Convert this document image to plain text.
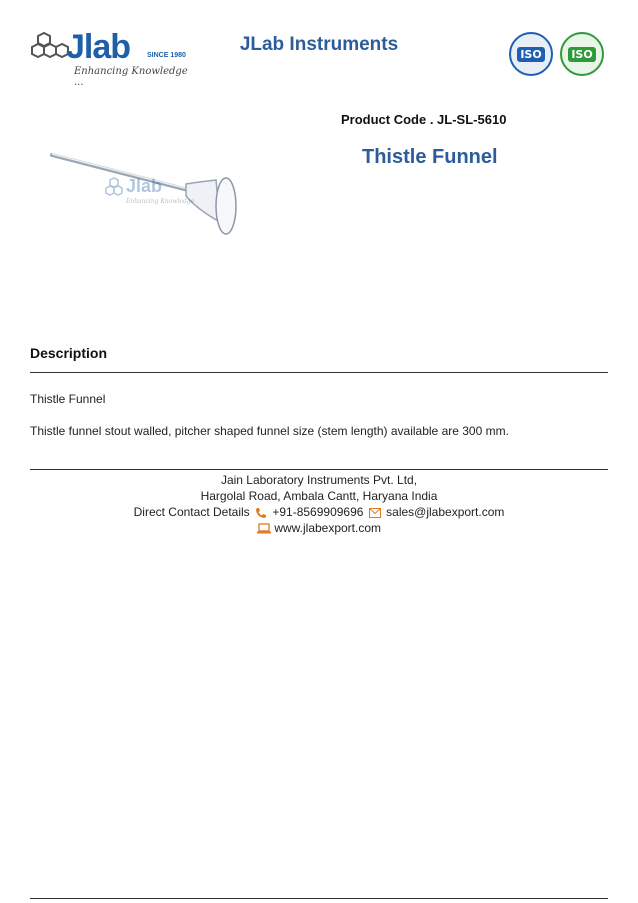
Jlab SINCE 1980
Enhancing Knowledge ...
JLab Instruments	ISO	ISO
Jlab
Enhancing Knowledge
Product Code . JL-SL-5610
Thistle Funnel
Description
Thistle Funnel
Thistle funnel stout walled, pitcher shaped funnel size (stem length) available are 300 mm.
Jain Laboratory Instruments Pvt. Ltd,
Hargolal Road, Ambala Cantt, Haryana India
Direct Contact Details +91-8569909696 sales@jlabexport.com
www.jlabexport.com
